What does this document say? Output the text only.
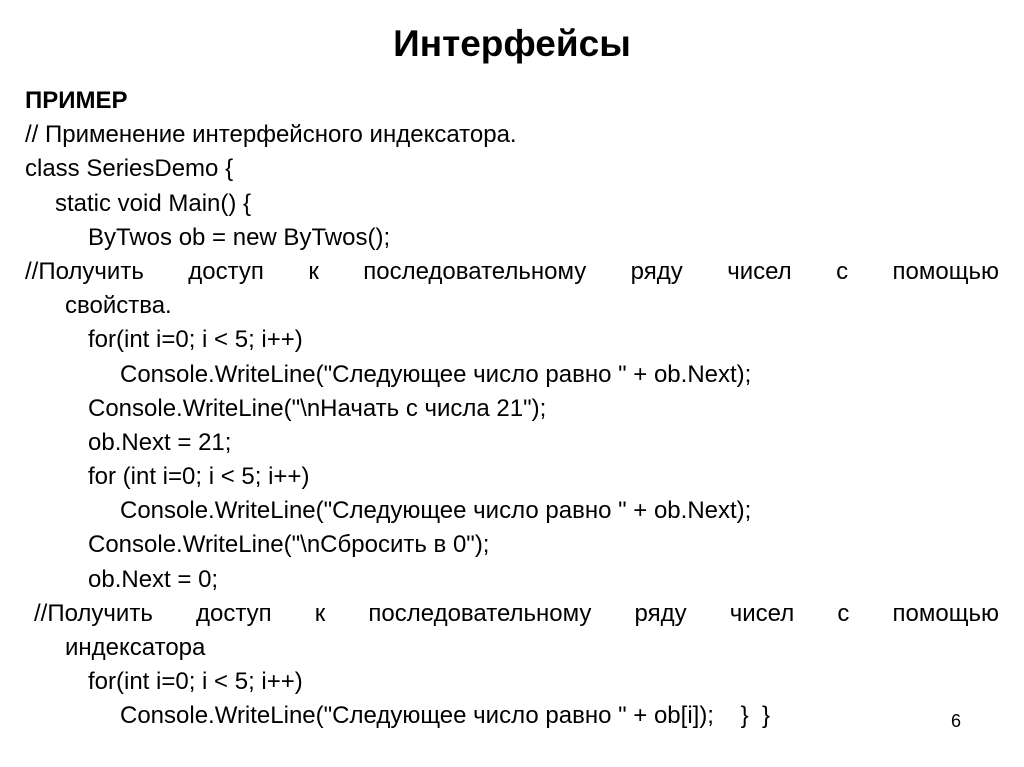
Интерфейсы
ПРИМЕР
// Применение интерфейсного индексатора.
class SeriesDemo {
static void Main() {
ByTwos ob = new ByTwos();
//Получить доступ к последовательному ряду чисел с помощью
свойства.
for(int i=0; i < 5; i++)
Console.WriteLine("Следующее число равно " + ob.Next);
Console.WriteLine("\nНачать с числа 21");
ob.Next = 21;
for (int i=0; i < 5; i++)
Console.WriteLine("Следующее число равно " + ob.Next);
Console.WriteLine("\nСбросить в 0");
ob.Next = 0;
//Получить доступ к последовательному ряду чисел с помощью
индексатора
for(int i=0; i < 5; i++)
Console.WriteLine("Следующее число равно " + ob[i]);    }  }	6
